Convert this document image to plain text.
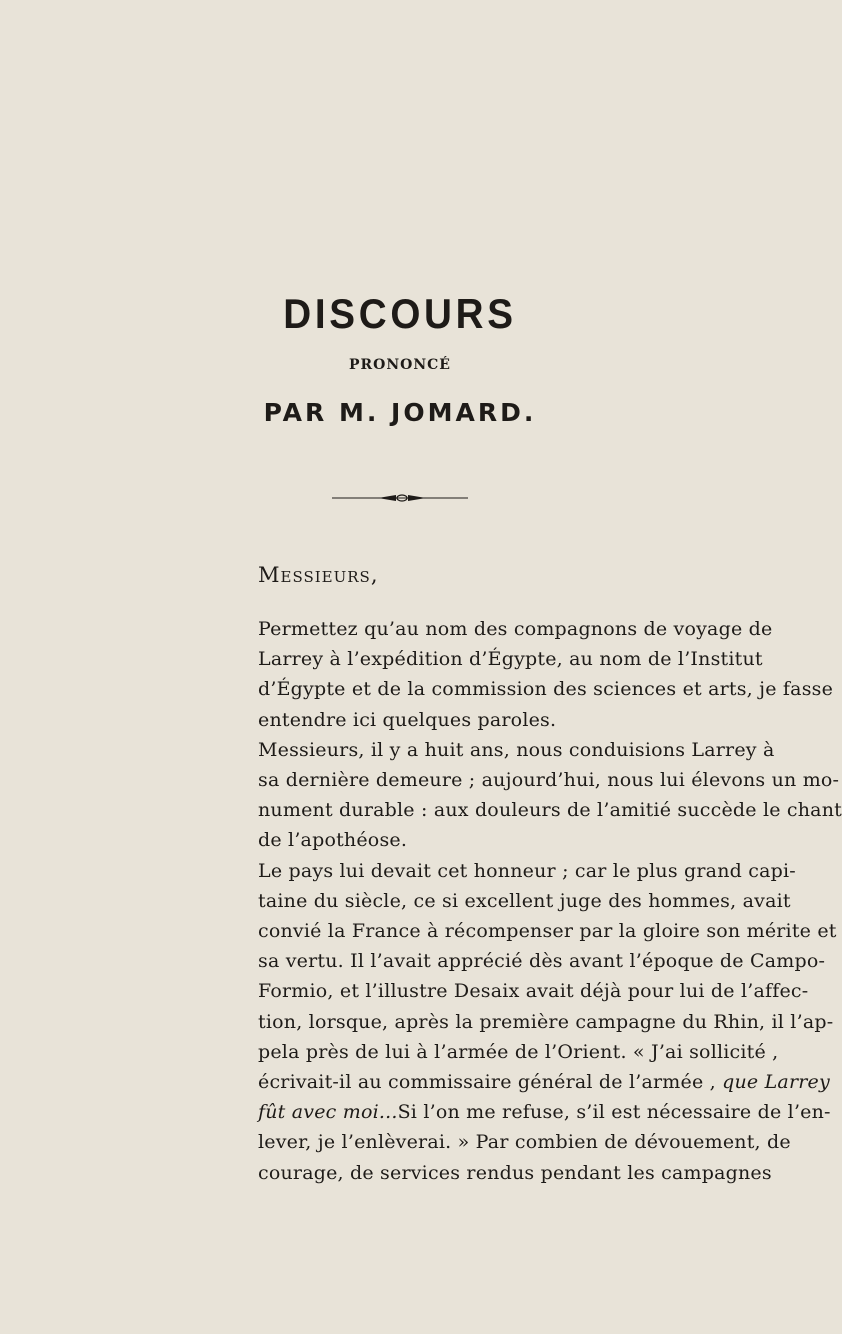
DISCOURS
PRONONCÉ
PAR M. JOMARD.
Messieurs,
Permettez qu’au nom des compagnons de voyage de
Larrey à l’expédition d’Égypte, au nom de l’Institut
d’Égypte et de la commission des sciences et arts, je fasse
entendre ici quelques paroles.
Messieurs, il y a huit ans, nous conduisions Larrey à
sa dernière demeure ; aujourd’hui, nous lui élevons un mo-
nument durable : aux douleurs de l’amitié succède le chant
de l’apothéose.
Le pays lui devait cet honneur ; car le plus grand capi-
taine du siècle, ce si excellent juge des hommes, avait
convié la France à récompenser par la gloire son mérite et
sa vertu. Il l’avait apprécié dès avant l’époque de Campo-
Formio, et l’illustre Desaix avait déjà pour lui de l’affec-
tion, lorsque, après la première campagne du Rhin, il l’ap-
pela près de lui à l’armée de l’Orient. « J’ai sollicité ,
écrivait-il au commissaire général de l’armée , que Larrey
fût avec moi...Si l’on me refuse, s’il est nécessaire de l’en-
lever, je l’enlèverai. » Par combien de dévouement, de
courage, de services rendus pendant les campagnes
